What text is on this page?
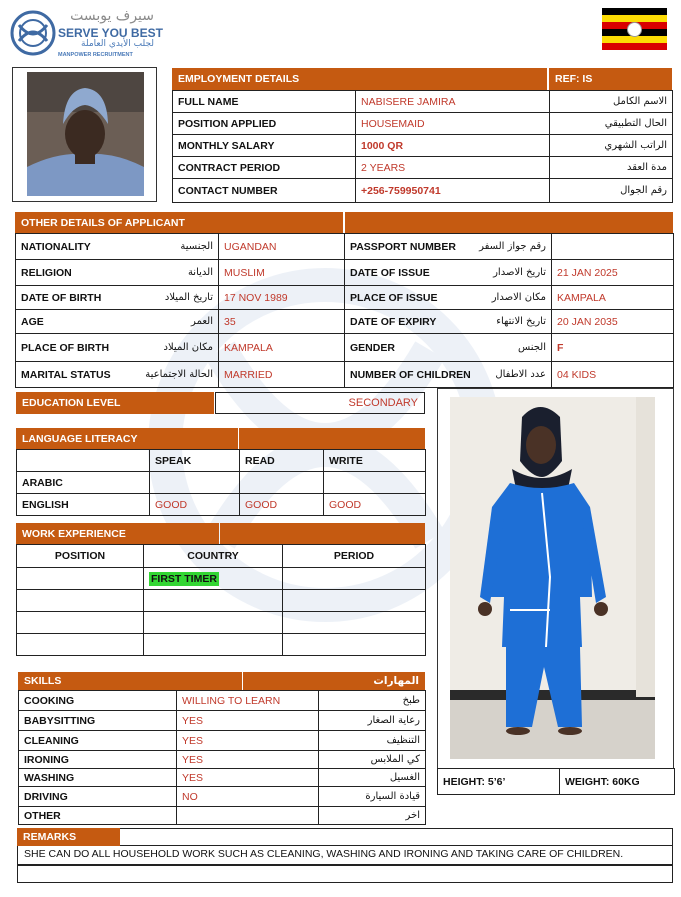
سيرف يوبست
SERVE YOU BEST
لجلب الأيدي العاملة
MANPOWER RECRUITMENT
EMPLOYMENT DETAILS	REF: IS
FULL NAME	NABISERE JAMIRA	الاسم الكامل
POSITION APPLIED	HOUSEMAID	الحال التطبيقي
MONTHLY SALARY	1000 QR	الراتب الشهري
CONTRACT PERIOD	2 YEARS	مدة العقد
CONTACT NUMBER	+256-759950741	رقم الجوال
OTHER DETAILS OF APPLICANT
NATIONALITY	الجنسية	UGANDAN	PASSPORT NUMBER	رقم جواز السفر	
RELIGION	الديانة	MUSLIM	DATE OF ISSUE	تاريخ الاصدار	21 JAN 2025
DATE OF BIRTH	تاريخ الميلاد	17 NOV 1989	PLACE OF ISSUE	مكان الاصدار	KAMPALA
AGE	العمر	35	DATE OF EXPIRY	تاريخ الانتهاء	20 JAN 2035
PLACE OF BIRTH	مكان الميلاد	KAMPALA	GENDER	الجنس	F
MARITAL STATUS	الحالة الاجتماعية	MARRIED	NUMBER OF CHILDREN	عدد الاطفال	04 KIDS
EDUCATION LEVEL	SECONDARY
LANGUAGE LITERACY
	SPEAK	READ	WRITE
ARABIC			
ENGLISH	GOOD	GOOD	GOOD
WORK EXPERIENCE
POSITION	COUNTRY	PERIOD
	FIRST TIMER	

SKILLS	المهارات
COOKING	WILLING TO LEARN	طبخ
BABYSITTING	YES	رعاية الصغار
CLEANING	YES	التنظيف
IRONING	YES	كي الملابس
WASHING	YES	الغسيل
DRIVING	NO	قيادة السيارة
OTHER		اخر
HEIGHT: 5’6’	WEIGHT: 60KG
REMARKS
SHE CAN DO ALL HOUSEHOLD WORK SUCH AS CLEANING, WASHING AND IRONING AND TAKING CARE OF CHILDREN.
